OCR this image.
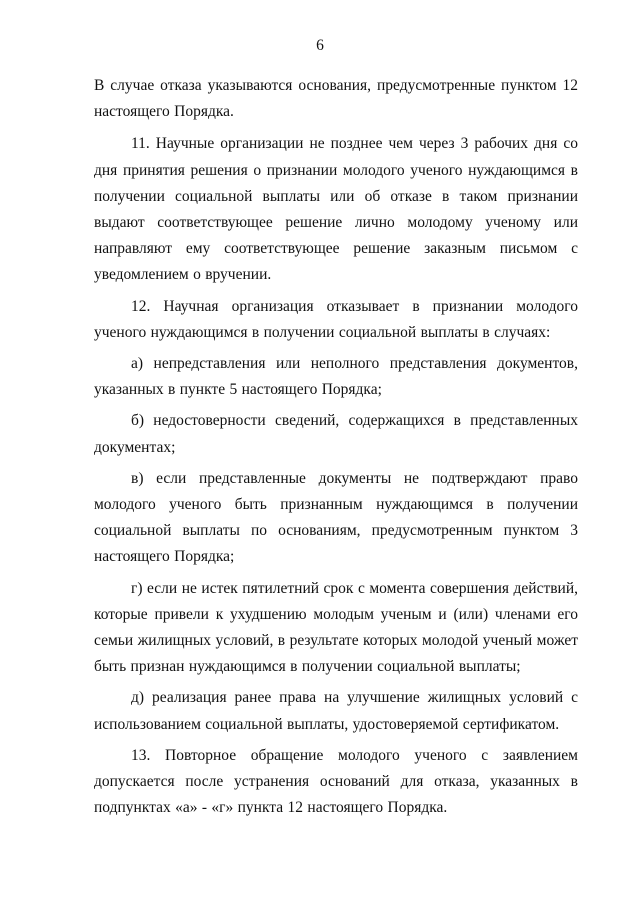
6

В случае отказа указываются основания, предусмотренные пунктом 12 настоящего Порядка.

11. Научные организации не позднее чем через 3 рабочих дня со дня принятия решения о признании молодого ученого нуждающимся в получении социальной выплаты или об отказе в таком признании выдают соответствующее решение лично молодому ученому или направляют ему соответствующее решение заказным письмом с уведомлением о вручении.

12. Научная организация отказывает в признании молодого ученого нуждающимся в получении социальной выплаты в случаях:

а) непредставления или неполного представления документов, указанных в пункте 5 настоящего Порядка;

б) недостоверности сведений, содержащихся в представленных документах;

в) если представленные документы не подтверждают право молодого ученого быть признанным нуждающимся в получении социальной выплаты по основаниям, предусмотренным пунктом 3 настоящего Порядка;

г) если не истек пятилетний срок с момента совершения действий, которые привели к ухудшению молодым ученым и (или) членами его семьи жилищных условий, в результате которых молодой ученый может быть признан нуждающимся в получении социальной выплаты;

д) реализация ранее права на улучшение жилищных условий с использованием социальной выплаты, удостоверяемой сертификатом.

13. Повторное обращение молодого ученого с заявлением допускается после устранения оснований для отказа, указанных в подпунктах «а» - «г» пункта 12 настоящего Порядка.
